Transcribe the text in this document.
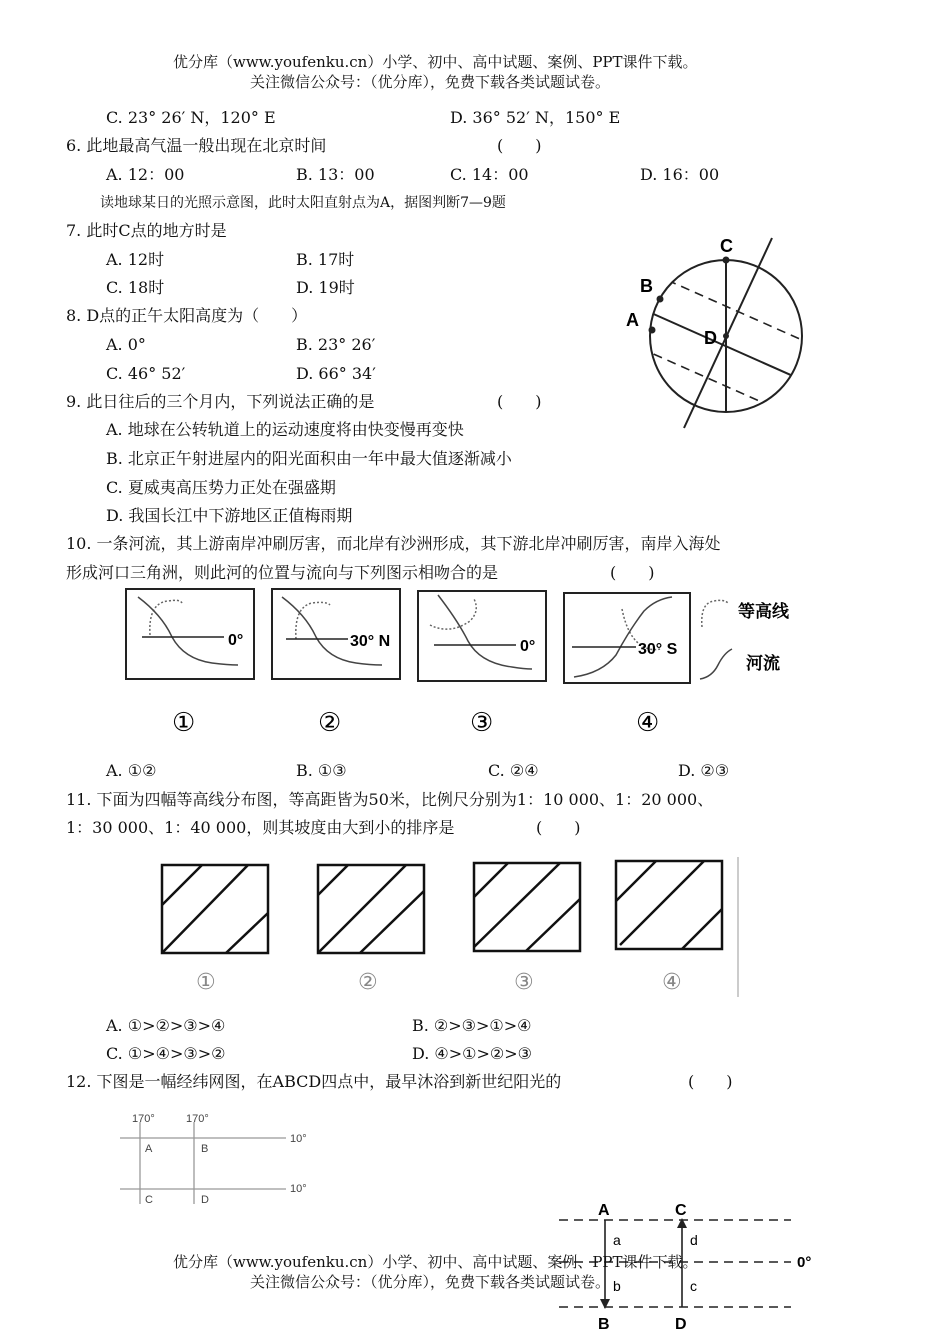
优分库（www.youfenku.cn）小学、初中、高中试题、案例、PPT课件下载。
关注微信公众号：（优分库），免费下载各类试题试卷。
C. 23° 26′ N，120° E	D. 36° 52′ N，150° E
6. 此地最高气温一般出现在北京时间	(　　)
A. 12：00	B. 13：00	C. 14：00	D. 16：00
读地球某日的光照示意图，此时太阳直射点为A，据图判断7—9题
7. 此时C点的地方时是
A. 12时	B. 17时
C. 18时	D. 19时
8. D点的正午太阳高度为（　　）
A. 0°	B. 23° 26′
C. 46° 52′	D. 66° 34′
9. 此日往后的三个月内，下列说法正确的是	(　　)
A. 地球在公转轨道上的运动速度将由快变慢再变快
B. 北京正午射进屋内的阳光面积由一年中最大值逐渐减小
C. 夏威夷高压势力正处在强盛期
D. 我国长江中下游地区正值梅雨期
C
B
A
D
10. 一条河流，其上游南岸冲刷厉害，而北岸有沙洲形成，其下游北岸冲刷厉害，南岸入海处
形成河口三角洲，则此河的位置与流向与下列图示相吻合的是	(　　)
0°
①
30° N
②
0°
③
30° S
④
等高线
河流
A. ①②	B. ①③	C. ②④	D. ②③
11. 下面为四幅等高线分布图，等高距皆为50米，比例尺分别为1：10 000、1：20 000、
1：30 000、1：40 000，则其坡度由大到小的排序是	(　　)
①	②	③	④
A. ①>②>③>④	B. ②>③>①>④
C. ①>④>③>②	D. ④>①>②>③
12. 下图是一幅经纬网图，在ABCD四点中，最早沐浴到新世纪阳光的	(　　)
170°	170°
10°
10°
A	B
C	D
A	C
B	D
a
b
d
c
0°
优分库（www.youfenku.cn）小学、初中、高中试题、案例、PPT课件下载。
关注微信公众号：（优分库），免费下载各类试题试卷。
